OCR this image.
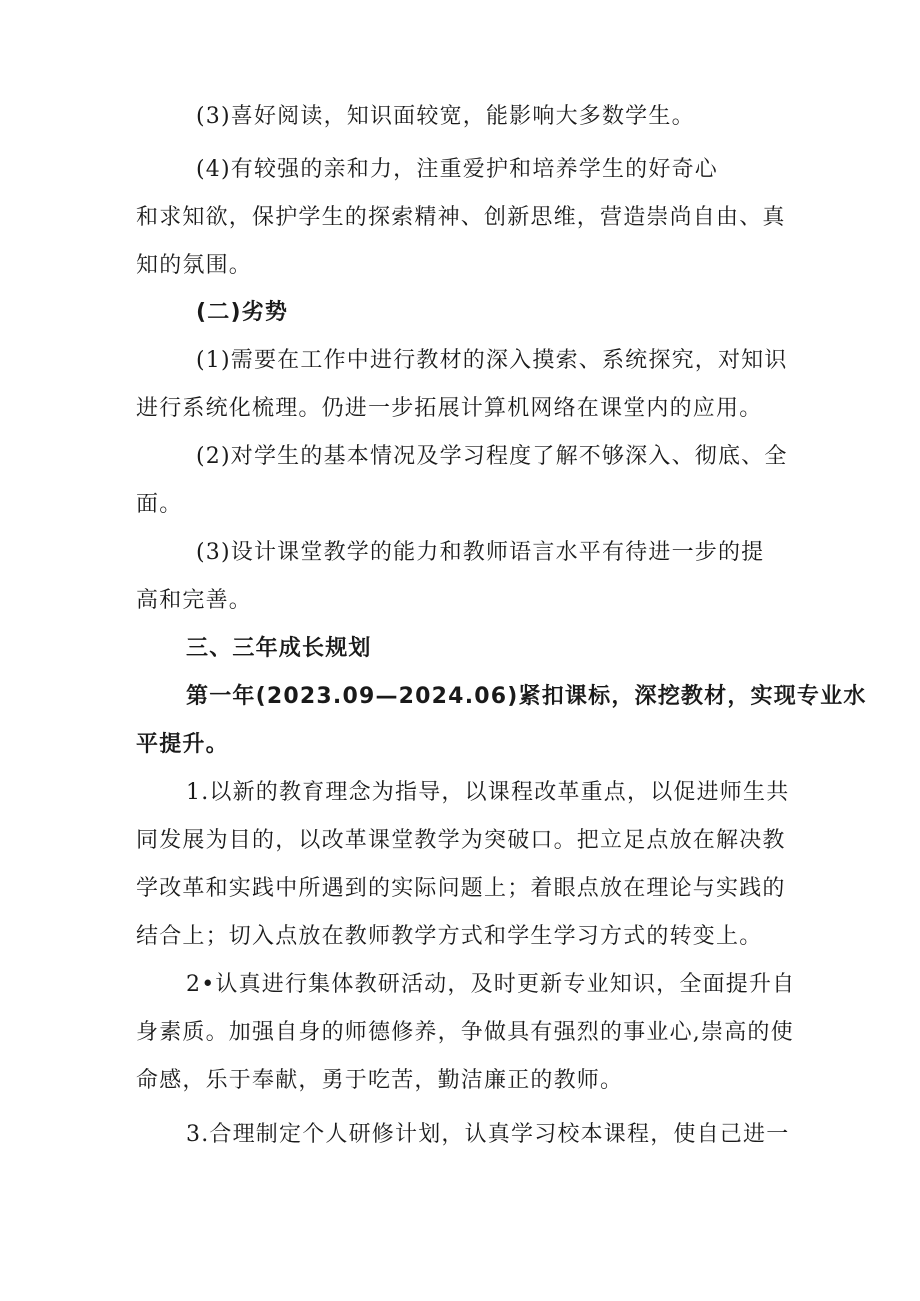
(3)喜好阅读，知识面较宽，能影响大多数学生。
(4)有较强的亲和力，注重爱护和培养学生的好奇心
和求知欲，保护学生的探索精神、创新思维，营造崇尚自由、真
知的氛围。
(二)劣势
(1)需要在工作中进行教材的深入摸索、系统探究，对知识
进行系统化梳理。仍进一步拓展计算机网络在课堂内的应用。
(2)对学生的基本情况及学习程度了解不够深入、彻底、全
面。
(3)设计课堂教学的能力和教师语言水平有待进一步的提
高和完善。
三、三年成长规划
第一年(2023.09—2024.06)紧扣课标，深挖教材，实现专业水
平提升。
1.以新的教育理念为指导，以课程改革重点，以促进师生共
同发展为目的，以改革课堂教学为突破口。把立足点放在解决教
学改革和实践中所遇到的实际问题上；着眼点放在理论与实践的
结合上；切入点放在教师教学方式和学生学习方式的转变上。
2•认真进行集体教研活动，及时更新专业知识，全面提升自
身素质。加强自身的师德修养，争做具有强烈的事业心,崇高的使
命感，乐于奉献，勇于吃苦，勤洁廉正的教师。
3.合理制定个人研修计划，认真学习校本课程，使自己进一
